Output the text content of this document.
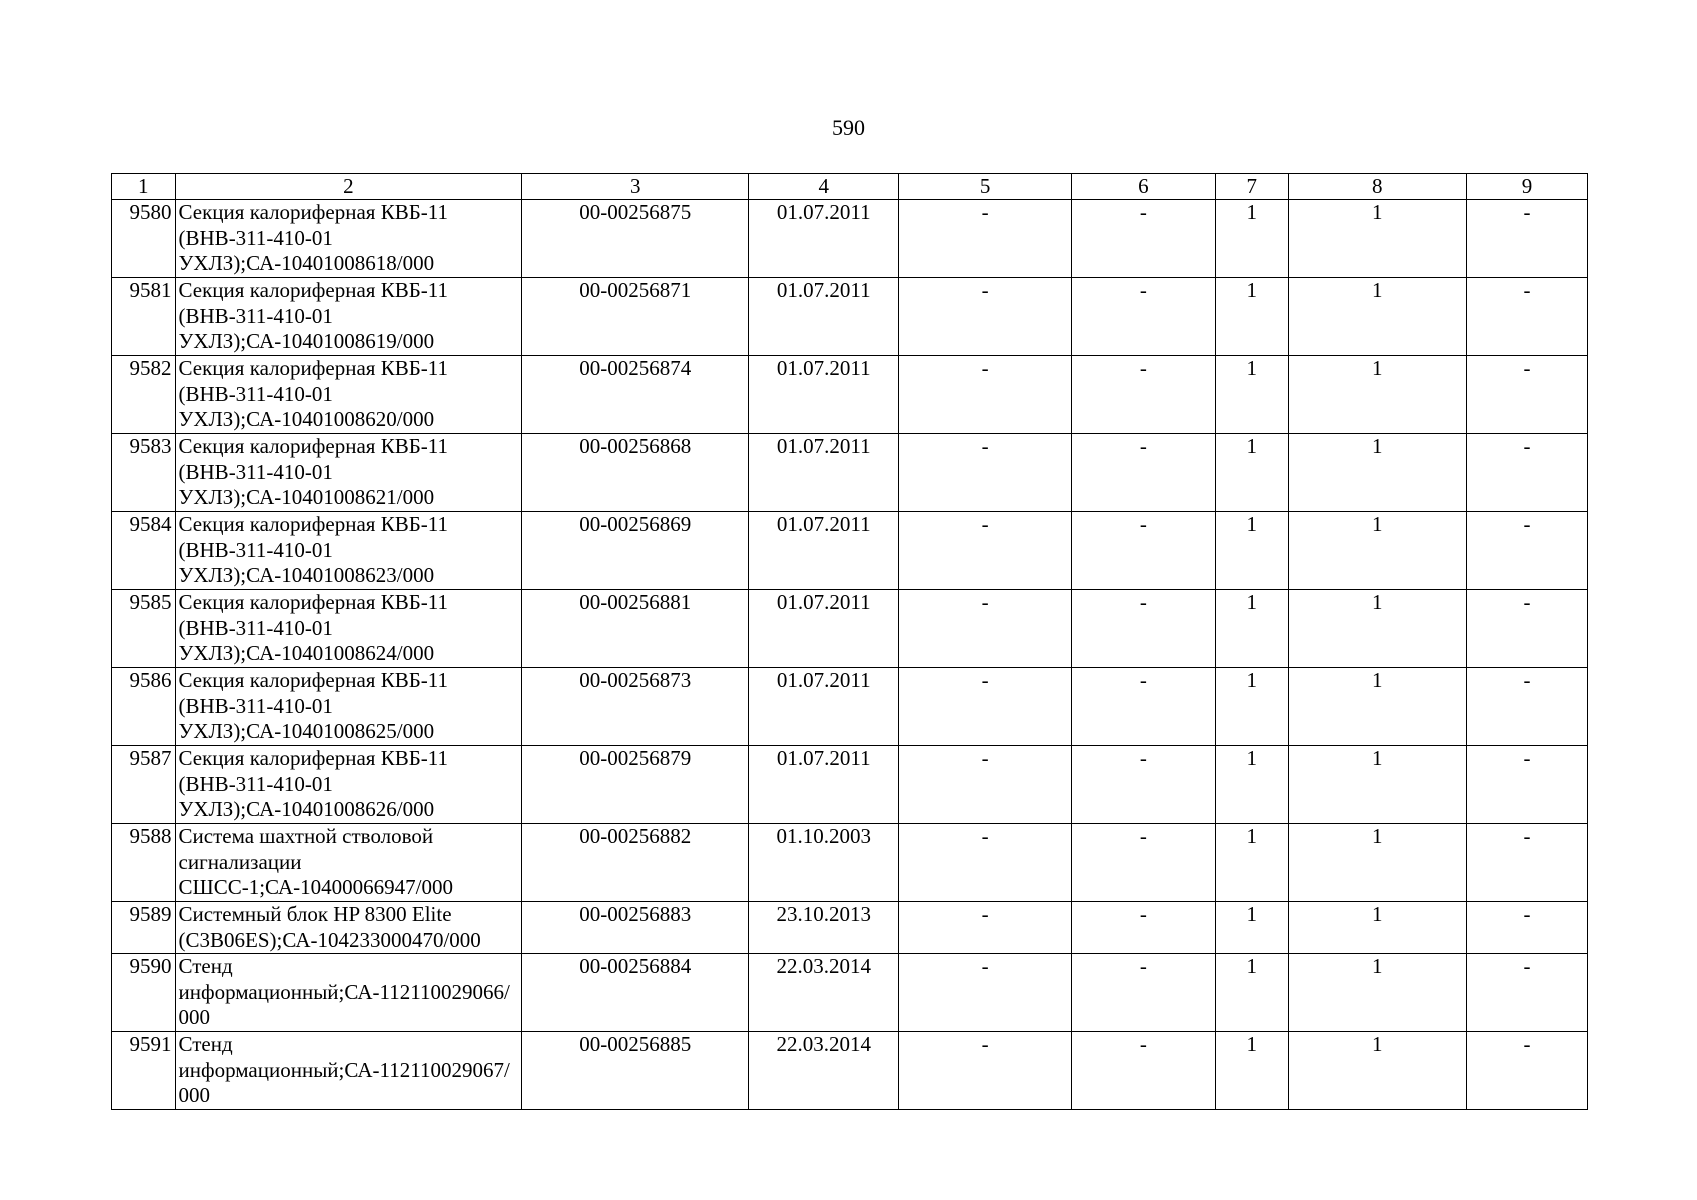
590
1	2	3	4	5	6	7	8	9
9580	Секция калориферная КВБ-11 (ВНВ-311-410-01 УХЛЗ);СА-10401008618/000	00-00256875	01.07.2011	-	-	1	1	-
9581	Секция калориферная КВБ-11 (ВНВ-311-410-01 УХЛЗ);СА-10401008619/000	00-00256871	01.07.2011	-	-	1	1	-
9582	Секция калориферная КВБ-11 (ВНВ-311-410-01 УХЛЗ);СА-10401008620/000	00-00256874	01.07.2011	-	-	1	1	-
9583	Секция калориферная КВБ-11 (ВНВ-311-410-01 УХЛЗ);СА-10401008621/000	00-00256868	01.07.2011	-	-	1	1	-
9584	Секция калориферная КВБ-11 (ВНВ-311-410-01 УХЛЗ);СА-10401008623/000	00-00256869	01.07.2011	-	-	1	1	-
9585	Секция калориферная КВБ-11 (ВНВ-311-410-01 УХЛЗ);СА-10401008624/000	00-00256881	01.07.2011	-	-	1	1	-
9586	Секция калориферная КВБ-11 (ВНВ-311-410-01 УХЛЗ);СА-10401008625/000	00-00256873	01.07.2011	-	-	1	1	-
9587	Секция калориферная КВБ-11 (ВНВ-311-410-01 УХЛЗ);СА-10401008626/000	00-00256879	01.07.2011	-	-	1	1	-
9588	Система шахтной стволовой сигнализации СШСС-1;СА-10400066947/000	00-00256882	01.10.2003	-	-	1	1	-
9589	Системный блок HP 8300 Elite (C3B06ES);СА-104233000470/000	00-00256883	23.10.2013	-	-	1	1	-
9590	Стенд информационный;СА-112110029066/000	00-00256884	22.03.2014	-	-	1	1	-
9591	Стенд информационный;СА-112110029067/000	00-00256885	22.03.2014	-	-	1	1	-
